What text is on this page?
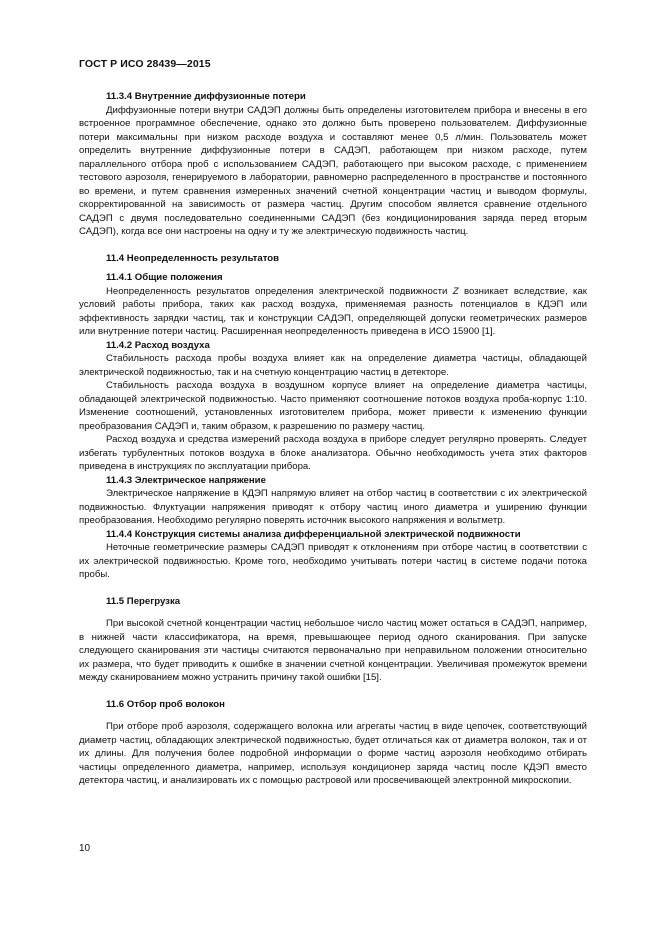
ГОСТ Р ИСО 28439—2015

11.3.4 Внутренние диффузионные потери

Диффузионные потери внутри САДЭП должны быть определены изготовителем прибора и внесены в его встроенное программное обеспечение, однако это должно быть проверено пользователем. Диффузионные потери максимальны при низком расходе воздуха и составляют менее 0,5 л/мин. Пользователь может определить внутренние диффузионные потери в САДЭП, работающем при низком расходе, путем параллельного отбора проб с использованием САДЭП, работающего при высоком расходе, с применением тестового аэрозоля, генерируемого в лаборатории, равномерно распределенного в пространстве и постоянного во времени, и путем сравнения измеренных значений счетной концентрации частиц и выводом формулы, скорректированной на зависимость от размера частиц. Другим способом является сравнение отдельного САДЭП с двумя последовательно соединенными САДЭП (без кондиционирования заряда перед вторым САДЭП), когда все они настроены на одну и ту же электрическую подвижность частиц.

11.4 Неопределенность результатов

11.4.1 Общие положения

Неопределенность результатов определения электрической подвижности Z возникает вследствие, как условий работы прибора, таких как расход воздуха, применяемая разность потенциалов в КДЭП или эффективность зарядки частиц, так и конструкции САДЭП, определяющей допуски геометрических размеров или внутренние потери частиц. Расширенная неопределенность приведена в ИСО 15900 [1].

11.4.2 Расход воздуха

Стабильность расхода пробы воздуха влияет как на определение диаметра частицы, обладающей электрической подвижностью, так и на счетную концентрацию частиц в детекторе.

Стабильность расхода воздуха в воздушном корпусе влияет на определение диаметра частицы, обладающей электрической подвижностью. Часто применяют соотношение потоков воздуха проба-корпус 1:10. Изменение соотношений, установленных изготовителем прибора, может привести к изменению функции преобразования САДЭП и, таким образом, к разрешению по размеру частиц.

Расход воздуха и средства измерений расхода воздуха в приборе следует регулярно проверять. Следует избегать турбулентных потоков воздуха в блоке анализатора. Обычно необходимость учета этих факторов приведена в инструкциях по эксплуатации прибора.

11.4.3 Электрическое напряжение

Электрическое напряжение в КДЭП напрямую влияет на отбор частиц в соответствии с их электрической подвижностью. Флуктуации напряжения приводят к отбору частиц иного диаметра и уширению функции преобразования. Необходимо регулярно поверять источник высокого напряжения и вольтметр.

11.4.4 Конструкция системы анализа дифференциальной электрической подвижности

Неточные геометрические размеры САДЭП приводят к отклонениям при отборе частиц в соответствии с их электрической подвижностью. Кроме того, необходимо учитывать потери частиц в системе подачи потока пробы.

11.5 Перегрузка

При высокой счетной концентрации частиц небольшое число частиц может остаться в САДЭП, например, в нижней части классификатора, на время, превышающее период одного сканирования. При запуске следующего сканирования эти частицы считаются первоначально при неправильном положении относительно их размера, что будет приводить к ошибке в значении счетной концентрации. Увеличивая промежуток времени между сканированием можно устранить причину такой ошибки [15].

11.6 Отбор проб волокон

При отборе проб аэрозоля, содержащего волокна или агрегаты частиц в виде цепочек, соответствующий диаметр частиц, обладающих электрической подвижностью, будет отличаться как от диаметра волокон, так и от их длины. Для получения более подробной информации о форме частиц аэрозоля необходимо отбирать частицы определенного диаметра, например, используя кондиционер заряда частиц после КДЭП вместо детектора частиц, и анализировать их с помощью растровой или просвечивающей электронной микроскопии.

10
